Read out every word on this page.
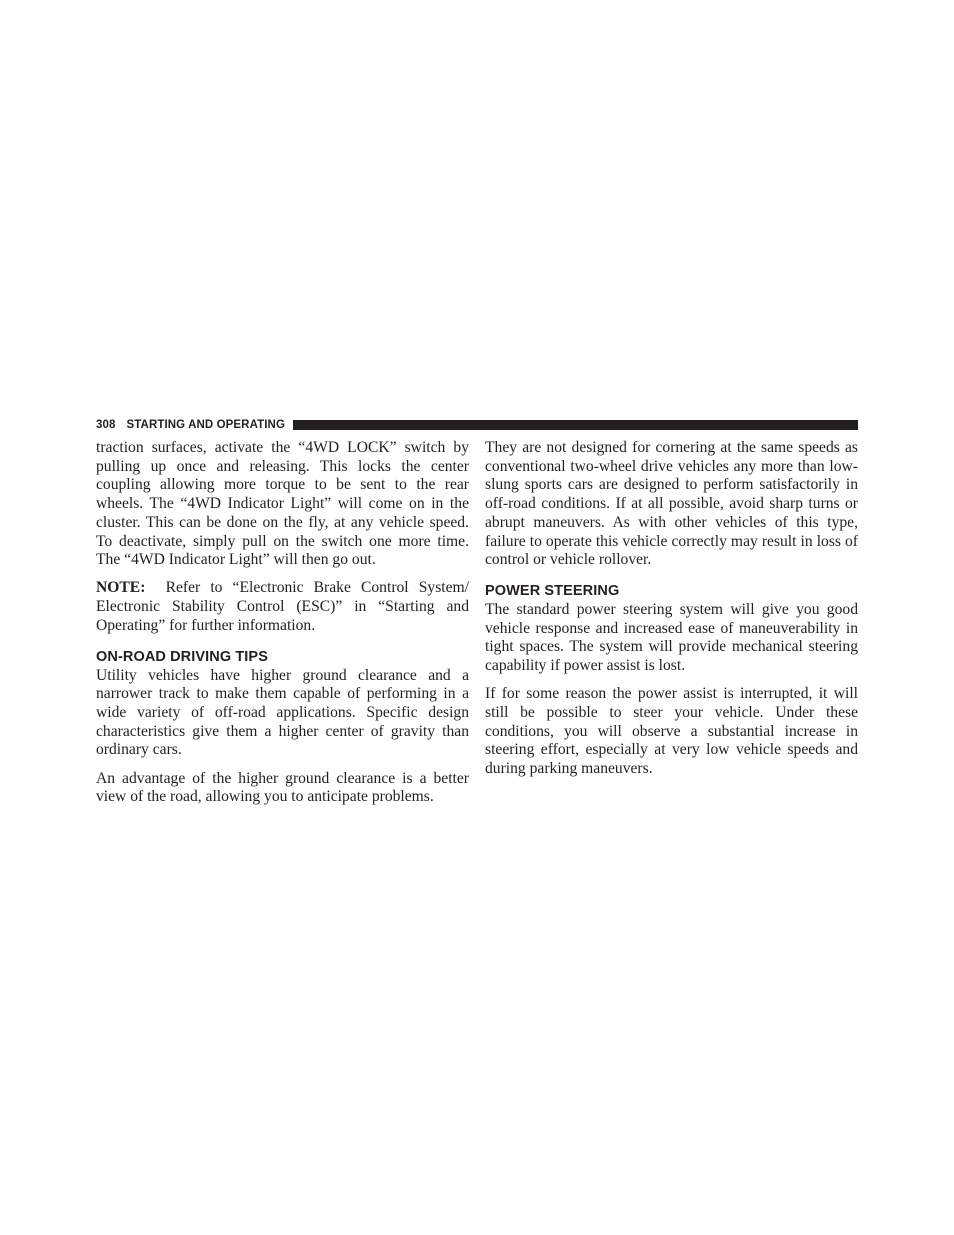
308 STARTING AND OPERATING

traction surfaces, activate the “4WD LOCK” switch by pulling up once and releasing. This locks the center coupling allowing more torque to be sent to the rear wheels. The “4WD Indicator Light” will come on in the cluster. This can be done on the fly, at any vehicle speed. To deactivate, simply pull on the switch one more time. The “4WD Indicator Light” will then go out.

NOTE: Refer to “Electronic Brake Control System/ Electronic Stability Control (ESC)” in “Starting and Operating” for further information.

ON-ROAD DRIVING TIPS

Utility vehicles have higher ground clearance and a narrower track to make them capable of performing in a wide variety of off-road applications. Specific design characteristics give them a higher center of gravity than ordinary cars.

An advantage of the higher ground clearance is a better view of the road, allowing you to anticipate problems.

They are not designed for cornering at the same speeds as conventional two-wheel drive vehicles any more than low-slung sports cars are designed to perform satisfactorily in off-road conditions. If at all possible, avoid sharp turns or abrupt maneuvers. As with other vehicles of this type, failure to operate this vehicle correctly may result in loss of control or vehicle rollover.

POWER STEERING

The standard power steering system will give you good vehicle response and increased ease of maneuverability in tight spaces. The system will provide mechanical steering capability if power assist is lost.

If for some reason the power assist is interrupted, it will still be possible to steer your vehicle. Under these conditions, you will observe a substantial increase in steering effort, especially at very low vehicle speeds and during parking maneuvers.
